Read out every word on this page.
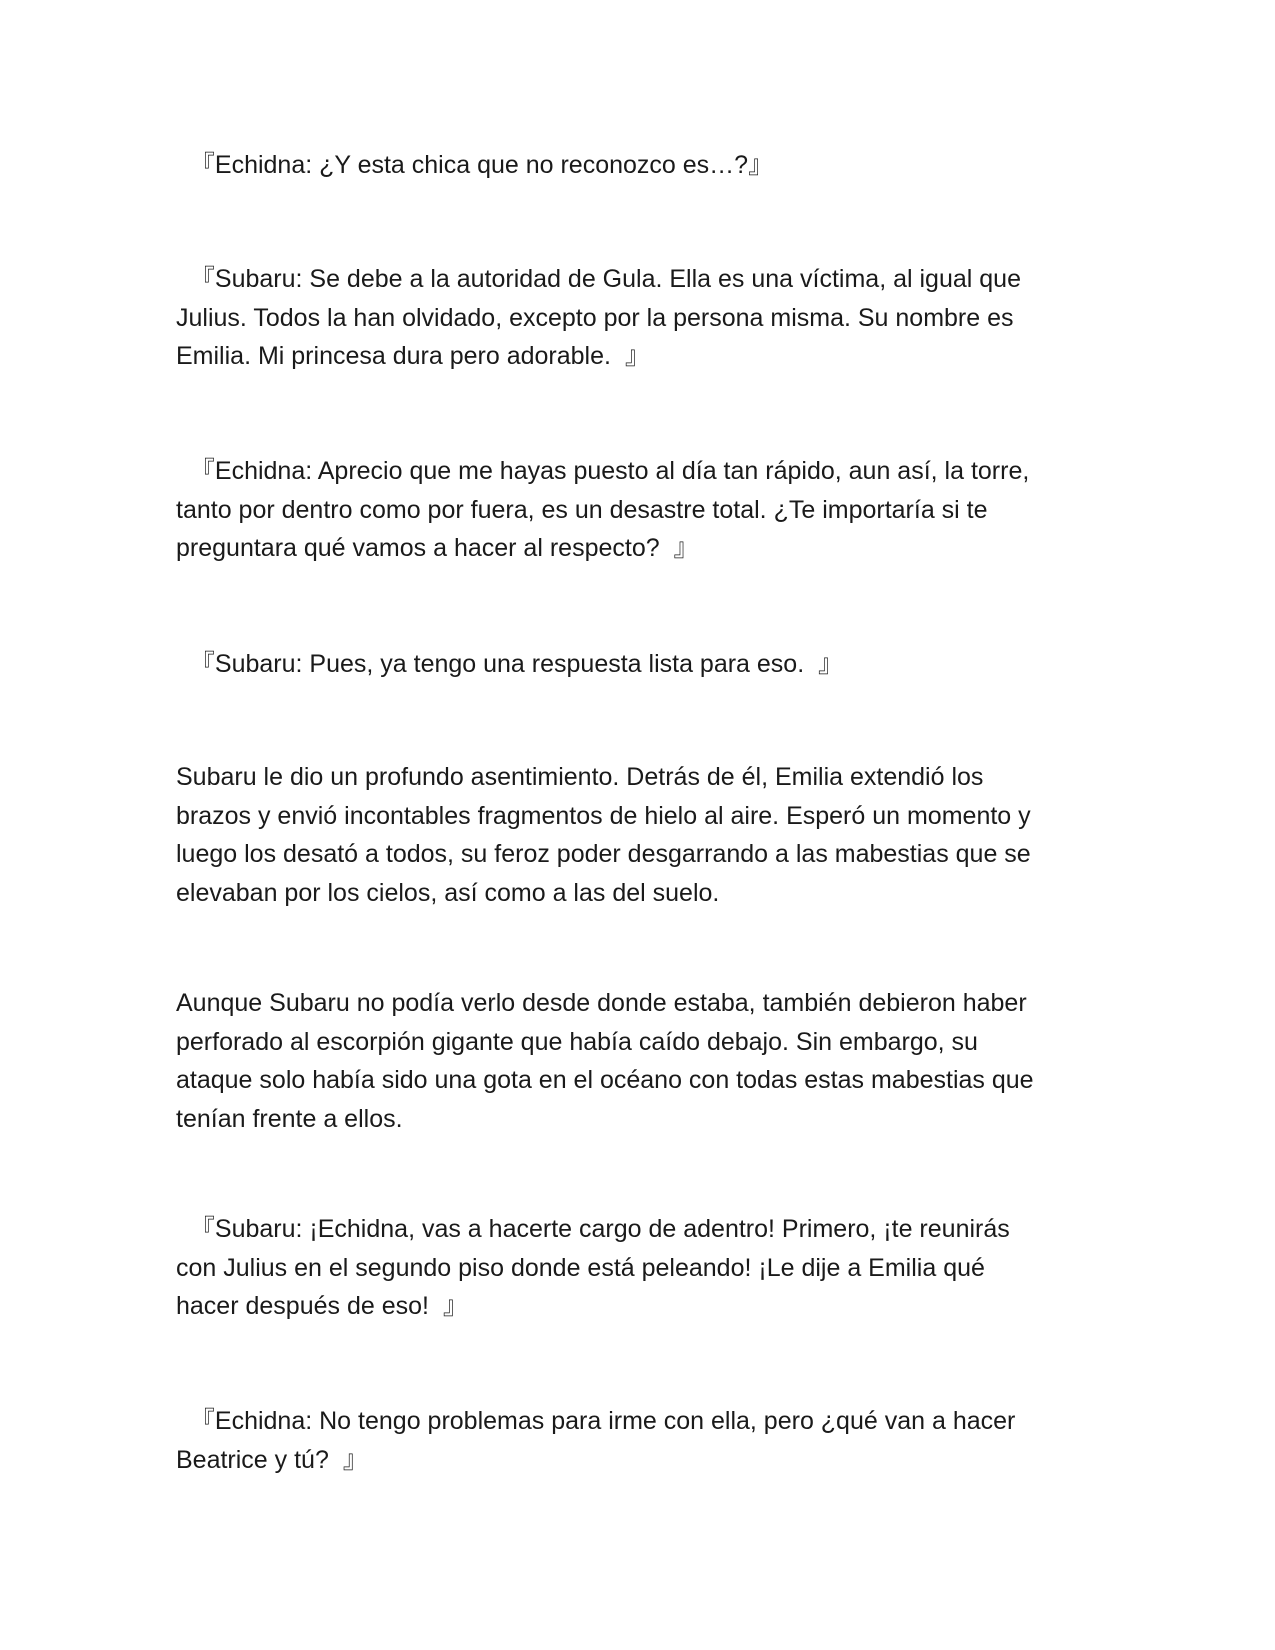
『Echidna: ¿Y esta chica que no reconozco es…?』

『Subaru: Se debe a la autoridad de Gula. Ella es una víctima, al igual que
Julius. Todos la han olvidado, excepto por la persona misma. Su nombre es
Emilia. Mi princesa dura pero adorable.  』

『Echidna: Aprecio que me hayas puesto al día tan rápido, aun así, la torre,
tanto por dentro como por fuera, es un desastre total. ¿Te importaría si te
preguntara qué vamos a hacer al respecto?  』

『Subaru: Pues, ya tengo una respuesta lista para eso.  』

Subaru le dio un profundo asentimiento. Detrás de él, Emilia extendió los
brazos y envió incontables fragmentos de hielo al aire. Esperó un momento y
luego los desató a todos, su feroz poder desgarrando a las mabestias que se
elevaban por los cielos, así como a las del suelo.

Aunque Subaru no podía verlo desde donde estaba, también debieron haber
perforado al escorpión gigante que había caído debajo. Sin embargo, su
ataque solo había sido una gota en el océano con todas estas mabestias que
tenían frente a ellos.

『Subaru: ¡Echidna, vas a hacerte cargo de adentro! Primero, ¡te reunirás
con Julius en el segundo piso donde está peleando! ¡Le dije a Emilia qué
hacer después de eso!  』

『Echidna: No tengo problemas para irme con ella, pero ¿qué van a hacer
Beatrice y tú?  』
